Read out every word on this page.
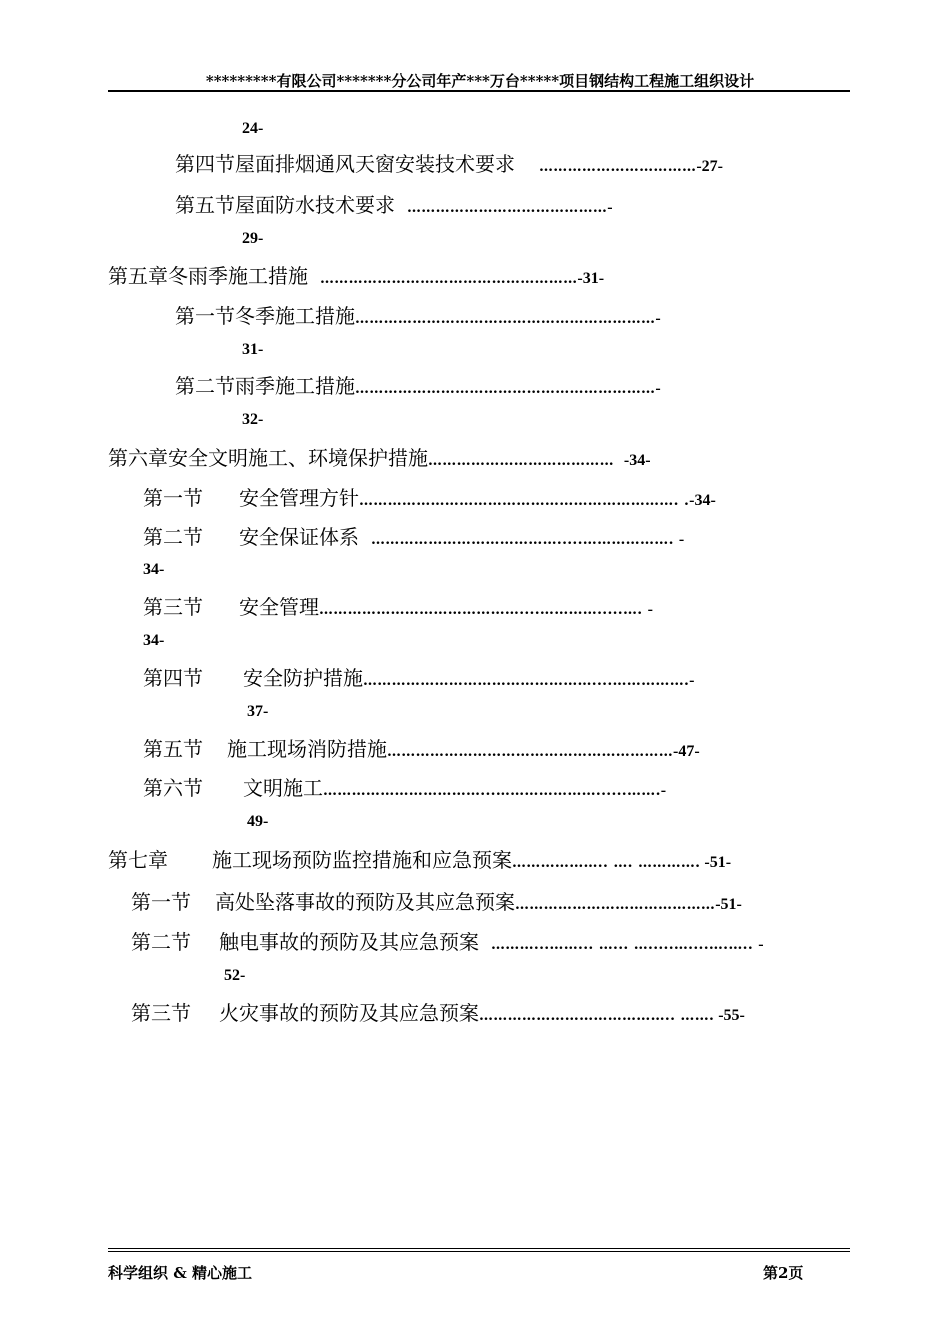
*********有限公司*******分公司年产***万台*****项目钢结构工程施工组织设计
24-
第四节屋面排烟通风天窗安装技术要求 ……………………………-27-
第五节屋面防水技术要求 ……………………………………-
29-
第五章冬雨季施工措施 ………………………………………………-31-
第一节冬季施工措施………………………………………………………-
31-
第二节雨季施工措施………………………………………………………-
32-
第六章安全文明施工、环境保护措施………………………………… -34-
第一节 安全管理方针…………………………………………………………. .-34-
第二节 安全保证体系 ………………………………….....………………. -
34-
第三节 安全管理……………………………………....………….....…. -
34-
第四节 安全防护措施…………………………………………....…………….-
37-
第五节 施工现场消防措施……………………………………………………-47-
第六节 文明施工……………………………...…………………......…….-
49-
第七章 施工现场预防监控措施和应急预案……………….. …. …………. -51-
第一节 高处坠落事故的预防及其应急预案……………………………………-51-
第二节 触电事故的预防及其应急预案 ………...……... …... ….....…....….….. -
52-
第三节 火灾事故的预防及其应急预案………………………………….. ……. -55-
科学组织 & 精心施工	第2页
